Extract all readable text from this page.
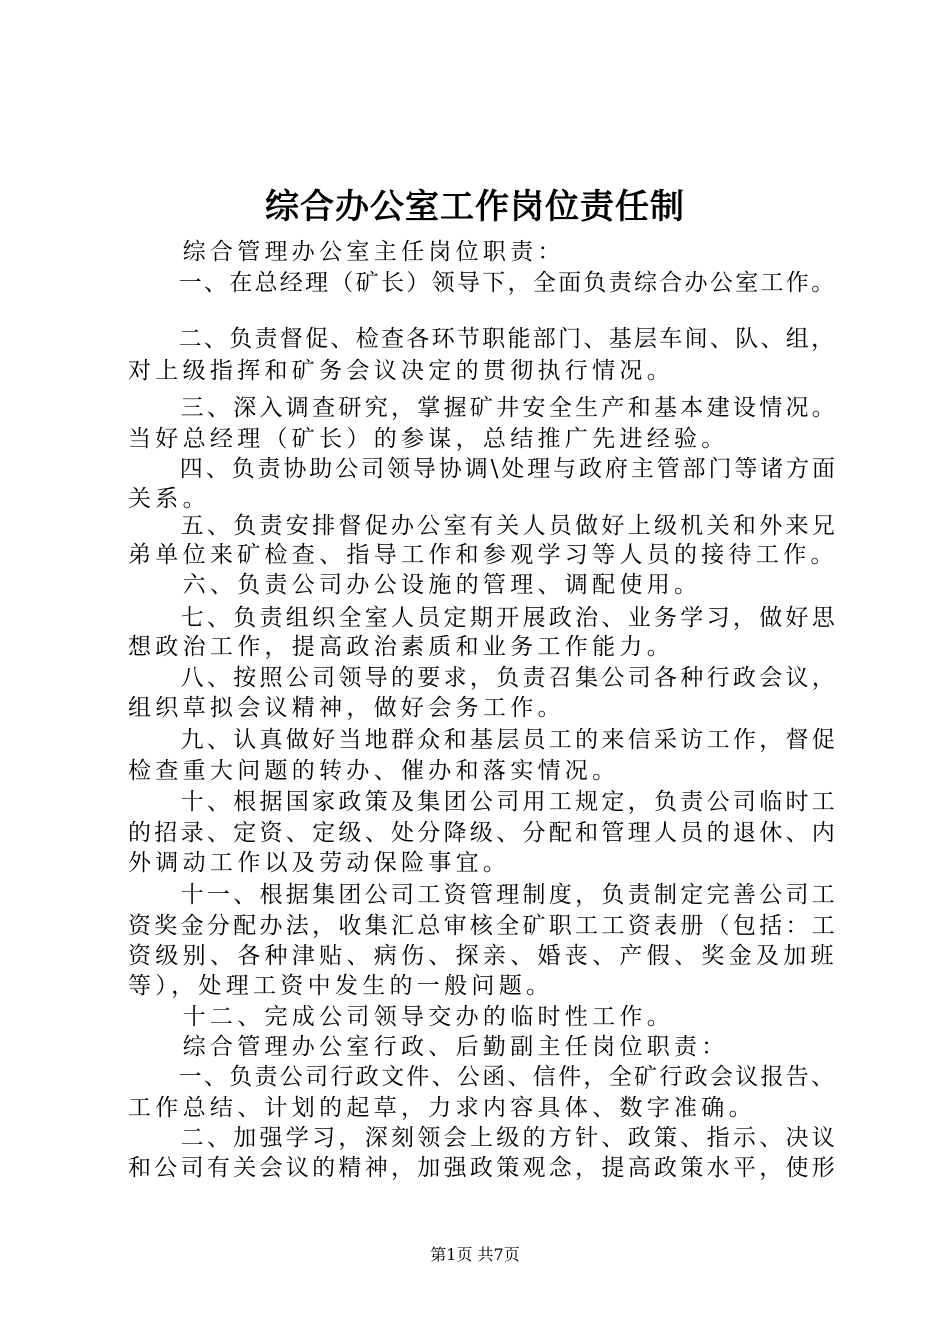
综合办公室工作岗位责任制
　　综合管理办公室主任岗位职责：
　　一、在总经理（矿长）领导下，全面负责综合办公室工作。
　　二、负责督促、检查各环节职能部门、基层车间、队、组，
对上级指挥和矿务会议决定的贯彻执行情况。
　　三、深入调查研究，掌握矿井安全生产和基本建设情况。
当好总经理（矿长）的参谋，总结推广先进经验。
　　四、负责协助公司领导协调\处理与政府主管部门等诸方面
关系。
　　五、负责安排督促办公室有关人员做好上级机关和外来兄
弟单位来矿检查、指导工作和参观学习等人员的接待工作。
　　六、负责公司办公设施的管理、调配使用。
　　七、负责组织全室人员定期开展政治、业务学习，做好思
想政治工作，提高政治素质和业务工作能力。
　　八、按照公司领导的要求，负责召集公司各种行政会议，
组织草拟会议精神，做好会务工作。
　　九、认真做好当地群众和基层员工的来信采访工作，督促
检查重大问题的转办、催办和落实情况。
　　十、根据国家政策及集团公司用工规定，负责公司临时工
的招录、定资、定级、处分降级、分配和管理人员的退休、内
外调动工作以及劳动保险事宜。
　　十一、根据集团公司工资管理制度，负责制定完善公司工
资奖金分配办法，收集汇总审核全矿职工工资表册（包括：工
资级别、各种津贴、病伤、探亲、婚丧、产假、奖金及加班
等），处理工资中发生的一般问题。
　　十二、完成公司领导交办的临时性工作。
　　综合管理办公室行政、后勤副主任岗位职责：
　　一、负责公司行政文件、公函、信件，全矿行政会议报告、
工作总结、计划的起草，力求内容具体、数字准确。
　　二、加强学习，深刻领会上级的方针、政策、指示、决议
和公司有关会议的精神，加强政策观念，提高政策水平，使形
第1页 共7页
